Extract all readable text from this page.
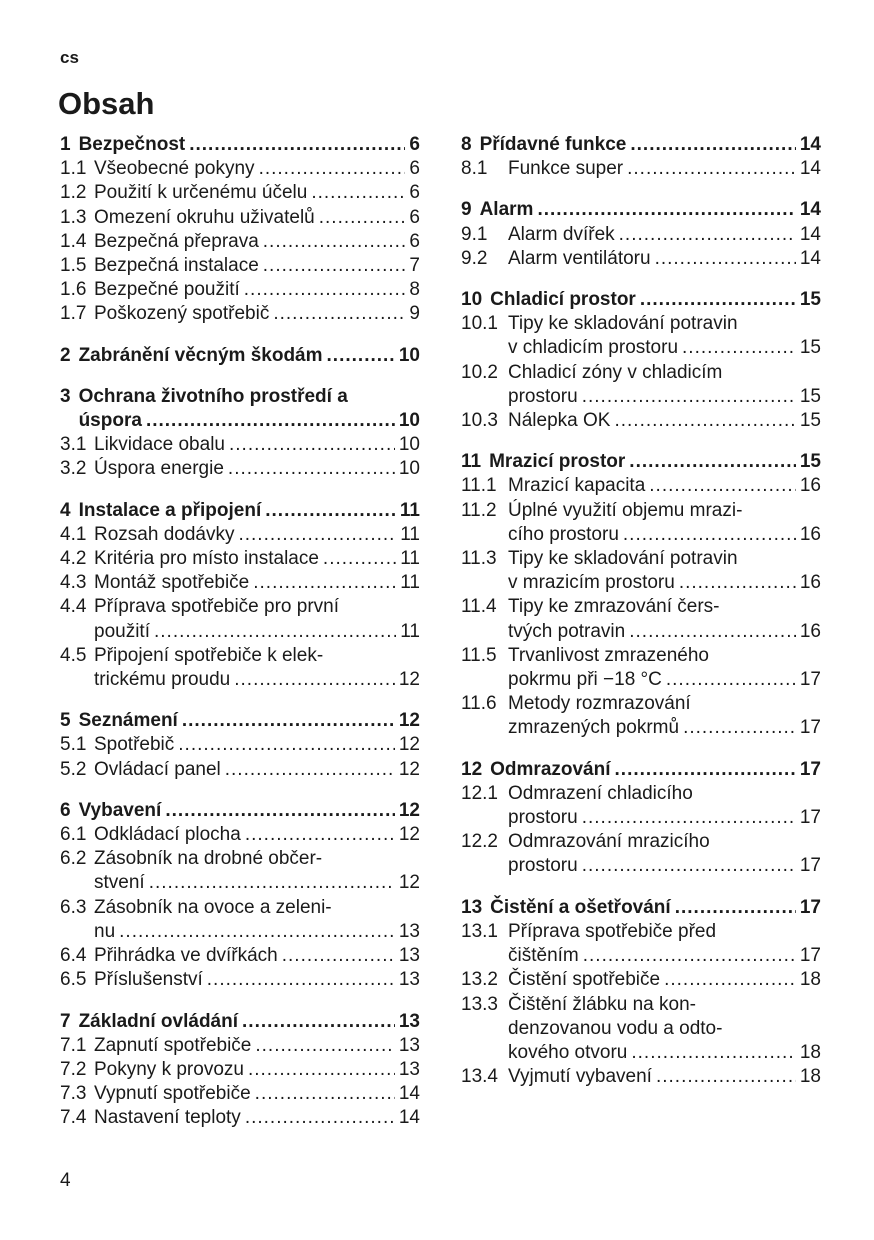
cs
Obsah
1 Bezpečnost .....	6
1.1 Všeobecné pokyny .....	6
1.2 Použití k určenému účelu .....	6
1.3 Omezení okruhu uživatelů .....	6
1.4 Bezpečná přeprava .....	6
1.5 Bezpečná instalace .....	7
1.6 Bezpečné použití .....	8
1.7 Poškozený spotřebič .....	9
2 Zabránění věcným škodám .....	10
3 Ochrana životního prostředí a
úspora .....	10
3.1 Likvidace obalu .....	10
3.2 Úspora energie .....	10
4 Instalace a připojení .....	11
4.1 Rozsah dodávky .....	11
4.2 Kritéria pro místo instalace .....	11
4.3 Montáž spotřebiče .....	11
4.4 Příprava spotřebiče pro první
použití .....	11
4.5 Připojení spotřebiče k elek-
trickému proudu .....	12
5 Seznámení .....	12
5.1 Spotřebič .....	12
5.2 Ovládací panel .....	12
6 Vybavení .....	12
6.1 Odkládací plocha .....	12
6.2 Zásobník na drobné občer-
stvení .....	12
6.3 Zásobník na ovoce a zeleni-
nu .....	13
6.4 Přihrádka ve dvířkách .....	13
6.5 Příslušenství .....	13
7 Základní ovládání .....	13
7.1 Zapnutí spotřebiče .....	13
7.2 Pokyny k provozu .....	13
7.3 Vypnutí spotřebiče .....	14
7.4 Nastavení teploty .....	14
8 Přídavné funkce .....	14
8.1	Funkce super .....	14
9 Alarm .....	14
9.1	Alarm dvířek .....	14
9.2	Alarm ventilátoru .....	14
10 Chladicí prostor .....	15
10.1 Tipy ke skladování potravin
v chladicím prostoru .....	15
10.2 Chladicí zóny v chladicím
prostoru .....	15
10.3 Nálepka OK .....	15
11 Mrazicí prostor .....	15
11.1 Mrazicí kapacita .....	16
11.2 Úplné využití objemu mrazi-
cího prostoru .....	16
11.3 Tipy ke skladování potravin
v mrazicím prostoru .....	16
11.4 Tipy ke zmrazování čers-
tvých potravin .....	16
11.5 Trvanlivost zmrazeného
pokrmu při −18 °C .....	17
11.6 Metody rozmrazování
zmrazených pokrmů .....	17
12 Odmrazování .....	17
12.1 Odmrazení chladicího
prostoru .....	17
12.2 Odmrazování mrazicího
prostoru .....	17
13 Čistění a ošetřování .....	17
13.1 Příprava spotřebiče před
čištěním .....	17
13.2 Čistění spotřebiče .....	18
13.3 Čištění žlábku na kon-
denzovanou vodu a odto-
kového otvoru .....	18
13.4 Vyjmutí vybavení .....	18
4
